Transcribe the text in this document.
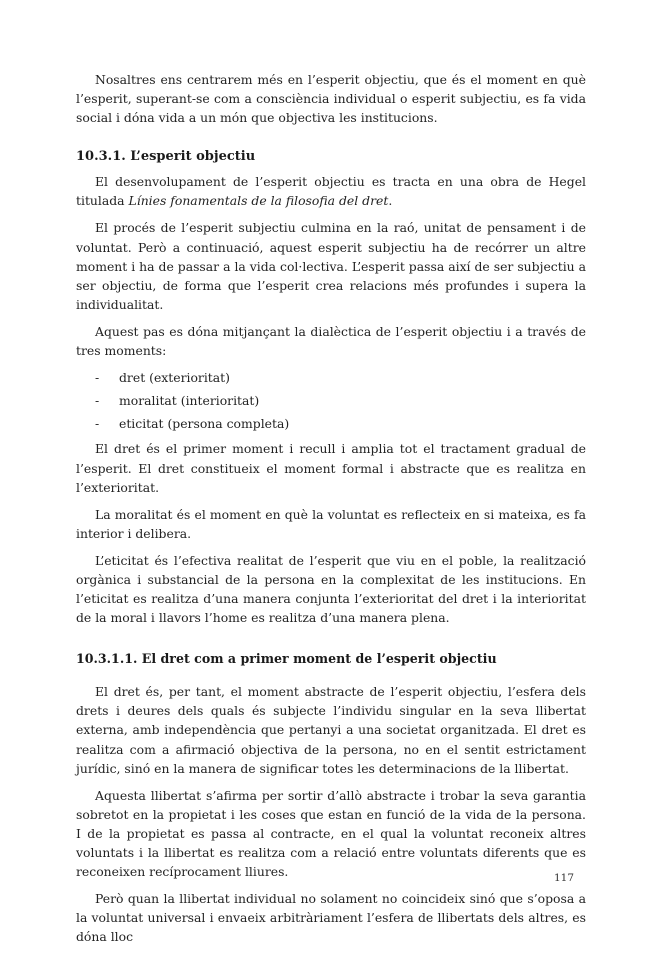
Nosaltres ens centrarem més en l’esperit objectiu, que és el moment en què l’esperit, superant-se com a consciència individual o esperit subjectiu, es fa vida social i dóna vida a un món que objectiva les institucions.

10.3.1. L’esperit objectiu

El desenvolupament de l’esperit objectiu es tracta en una obra de Hegel titulada Línies fonamentals de la filosofia del dret.

El procés de l’esperit subjectiu culmina en la raó, unitat de pensament i de voluntat. Però a continuació, aquest esperit subjectiu ha de recórrer un altre moment i ha de passar a la vida col·lectiva. L’esperit passa així de ser subjectiu a ser objectiu, de forma que l’esperit crea relacions més profundes i supera la individualitat.

Aquest pas es dóna mitjançant la dialèctica de l’esperit objectiu i a través de tres moments:

-	dret (exterioritat)
-	moralitat (interioritat)
-	eticitat (persona completa)

El dret és el primer moment i recull i amplia tot el tractament gradual de l’esperit. El dret constitueix el moment formal i abstracte que es realitza en l’exterioritat.

La moralitat és el moment en què la voluntat es reflecteix en si mateixa, es fa interior i delibera.

L’eticitat és l’efectiva realitat de l’esperit que viu en el poble, la realització orgànica i substancial de la persona en la complexitat de les institucions. En l’eticitat es realitza d’una manera conjunta l’exterioritat del dret i la interioritat de la moral i llavors l’home es realitza d’una manera plena.

10.3.1.1. El dret com a primer moment de l’esperit objectiu

El dret és, per tant, el moment abstracte de l’esperit objectiu, l’esfera dels drets i deures dels quals és subjecte l’individu singular en la seva llibertat externa, amb independència que pertanyi a una societat organitzada. El dret es realitza com a afirmació objectiva de la persona, no en el sentit estrictament jurídic, sinó en la manera de significar totes les determinacions de la llibertat.

Aquesta llibertat s’afirma per sortir d’allò abstracte i trobar la seva garantia sobretot en la propietat i les coses que estan en funció de la vida de la persona. I de la propietat es passa al contracte, en el qual la voluntat reconeix altres voluntats i la llibertat es realitza com a relació entre voluntats diferents que es reconeixen recíprocament lliures.

Però quan la llibertat individual no solament no coincideix sinó que s’oposa a la voluntat universal i envaeix arbitràriament l’esfera de llibertats dels altres, es dóna lloc

117
